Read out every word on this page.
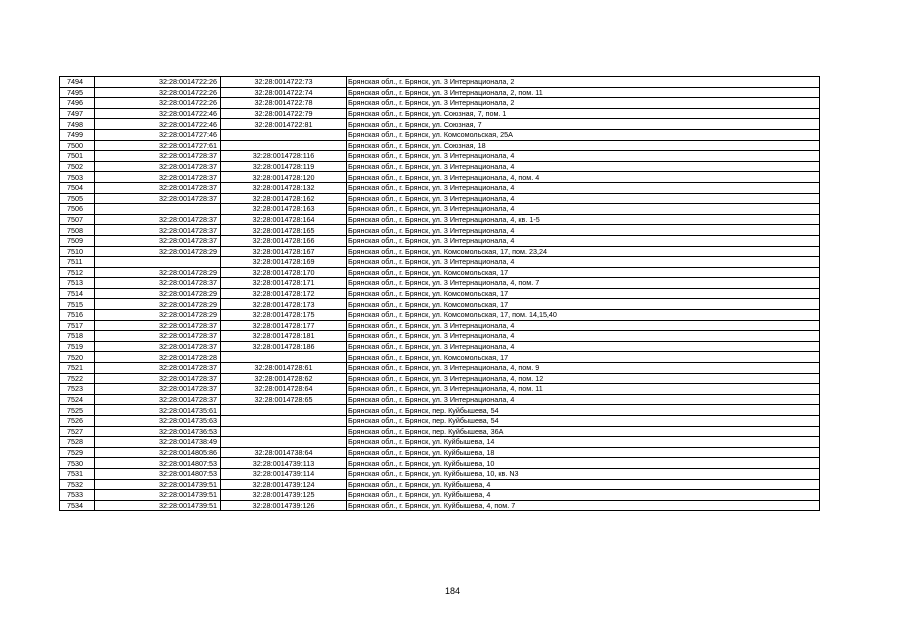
7494	32:28:0014722:26	32:28:0014722:73	Брянская обл., г. Брянск, ул. 3 Интернационала, 2
7495	32:28:0014722:26	32:28:0014722:74	Брянская обл., г. Брянск, ул. 3 Интернационала, 2, пом. 11
7496	32:28:0014722:26	32:28:0014722:78	Брянская обл., г. Брянск, ул. 3 Интернационала, 2
7497	32:28:0014722:46	32:28:0014722:79	Брянская обл., г. Брянск, ул. Союзная, 7, пом. 1
7498	32:28:0014722:46	32:28:0014722:81	Брянская обл., г. Брянск, ул. Союзная, 7
7499	32:28:0014727:46		Брянская обл., г. Брянск, ул. Комсомольская, 25А
7500	32:28:0014727:61		Брянская обл., г. Брянск, ул. Союзная, 18
7501	32:28:0014728:37	32:28:0014728:116	Брянская обл., г. Брянск, ул. 3 Интернационала, 4
7502	32:28:0014728:37	32:28:0014728:119	Брянская обл., г. Брянск, ул. 3 Интернационала, 4
7503	32:28:0014728:37	32:28:0014728:120	Брянская обл., г. Брянск, ул. 3 Интернационала, 4, пом. 4
7504	32:28:0014728:37	32:28:0014728:132	Брянская обл., г. Брянск, ул. 3 Интернационала, 4
7505	32:28:0014728:37	32:28:0014728:162	Брянская обл., г. Брянск, ул. 3 Интернационала, 4
7506		32:28:0014728:163	Брянская обл., г. Брянск, ул. 3 Интернационала, 4
7507	32:28:0014728:37	32:28:0014728:164	Брянская обл., г. Брянск, ул. 3 Интернационала, 4, кв. 1-5
7508	32:28:0014728:37	32:28:0014728:165	Брянская обл., г. Брянск, ул. 3 Интернационала, 4
7509	32:28:0014728:37	32:28:0014728:166	Брянская обл., г. Брянск, ул. 3 Интернационала, 4
7510	32:28:0014728:29	32:28:0014728:167	Брянская обл., г. Брянск, ул. Комсомольская, 17, пом. 23,24
7511		32:28:0014728:169	Брянская обл., г. Брянск, ул. 3 Интернационала, 4
7512	32:28:0014728:29	32:28:0014728:170	Брянская обл., г. Брянск, ул. Комсомольская, 17
7513	32:28:0014728:37	32:28:0014728:171	Брянская обл., г. Брянск, ул. 3 Интернационала, 4, пом. 7
7514	32:28:0014728:29	32:28:0014728:172	Брянская обл., г. Брянск, ул. Комсомольская, 17
7515	32:28:0014728:29	32:28:0014728:173	Брянская обл., г. Брянск, ул. Комсомольская, 17
7516	32:28:0014728:29	32:28:0014728:175	Брянская обл., г. Брянск, ул. Комсомольская, 17, пом. 14,15,40
7517	32:28:0014728:37	32:28:0014728:177	Брянская обл., г. Брянск, ул. 3 Интернационала, 4
7518	32:28:0014728:37	32:28:0014728:181	Брянская обл., г. Брянск, ул. 3 Интернационала, 4
7519	32:28:0014728:37	32:28:0014728:186	Брянская обл., г. Брянск, ул. 3 Интернационала, 4
7520	32:28:0014728:28		Брянская обл., г. Брянск, ул. Комсомольская, 17
7521	32:28:0014728:37	32:28:0014728:61	Брянская обл., г. Брянск, ул. 3 Интернационала, 4, пом. 9
7522	32:28:0014728:37	32:28:0014728:62	Брянская обл., г. Брянск, ул. 3 Интернационала, 4, пом. 12
7523	32:28:0014728:37	32:28:0014728:64	Брянская обл., г. Брянск, ул. 3 Интернационала, 4, пом. 11
7524	32:28:0014728:37	32:28:0014728:65	Брянская обл., г. Брянск, ул. 3 Интернационала, 4
7525	32:28:0014735:61		Брянская обл., г. Брянск, пер. Куйбышева, 54
7526	32:28:0014735:63		Брянская обл., г. Брянск, пер. Куйбышева, 54
7527	32:28:0014736:53		Брянская обл., г. Брянск, пер. Куйбышева, 36А
7528	32:28:0014738:49		Брянская обл., г. Брянск, ул. Куйбышева, 14
7529	32:28:0014805:86	32:28:0014738:64	Брянская обл., г. Брянск, ул. Куйбышева, 18
7530	32:28:0014807:53	32:28:0014739:113	Брянская обл., г. Брянск, ул. Куйбышева, 10
7531	32:28:0014807:53	32:28:0014739:114	Брянская обл., г. Брянск, ул. Куйбышева, 10, кв. N3
7532	32:28:0014739:51	32:28:0014739:124	Брянская обл., г. Брянск, ул. Куйбышева, 4
7533	32:28:0014739:51	32:28:0014739:125	Брянская обл., г. Брянск, ул. Куйбышева, 4
7534	32:28:0014739:51	32:28:0014739:126	Брянская обл., г. Брянск, ул. Куйбышева, 4, пом. 7
184
